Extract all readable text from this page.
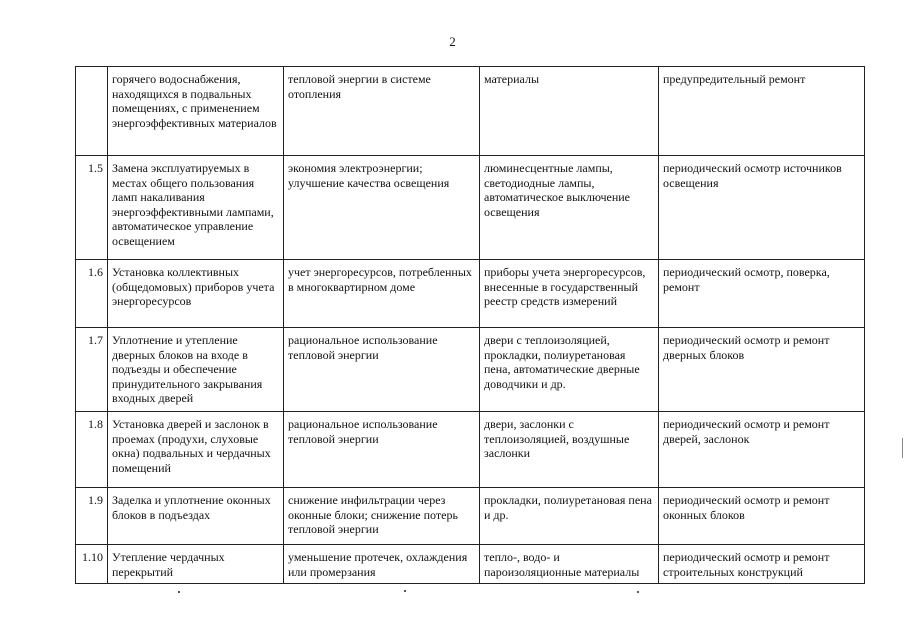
2
	горячего водоснабжения, находящихся в подвальных помещениях, с применением энергоэффективных материалов	тепловой энергии в системе отопления	материалы	предупредительный ремонт
1.5	Замена эксплуатируемых в местах общего пользования ламп накаливания энергоэффективными лампами, автоматическое управление освещением	экономия электроэнергии; улучшение качества освещения	люминесцентные лампы, светодиодные лампы, автоматическое выключение освещения	периодический осмотр источников освещения
1.6	Установка коллективных (общедомовых) приборов учета энергоресурсов	учет энергоресурсов, потребленных в многоквартирном доме	приборы учета энергоресурсов, внесенные в государственный реестр средств измерений	периодический осмотр, поверка, ремонт
1.7	Уплотнение и утепление дверных блоков на входе в подъезды и обеспечение принудительного закрывания входных дверей	рациональное использование тепловой энергии	двери с теплоизоляцией, прокладки, полиуретановая пена, автоматические дверные доводчики и др.	периодический осмотр и ремонт дверных блоков
1.8	Установка дверей и заслонок в проемах (продухи, слуховые окна) подвальных и чердачных помещений	рациональное использование тепловой энергии	двери, заслонки с теплоизоляцией, воздушные заслонки	периодический осмотр и ремонт дверей, заслонок
1.9	Заделка и уплотнение оконных блоков в подъездах	снижение инфильтрации через оконные блоки; снижение потерь тепловой энергии	прокладки, полиуретановая пена и др.	периодический осмотр и ремонт оконных блоков
1.10	Утепление чердачных перекрытий	уменьшение протечек, охлаждения или промерзания	тепло-, водо- и пароизоляционные материалы	периодический осмотр и ремонт строительных конструкций
